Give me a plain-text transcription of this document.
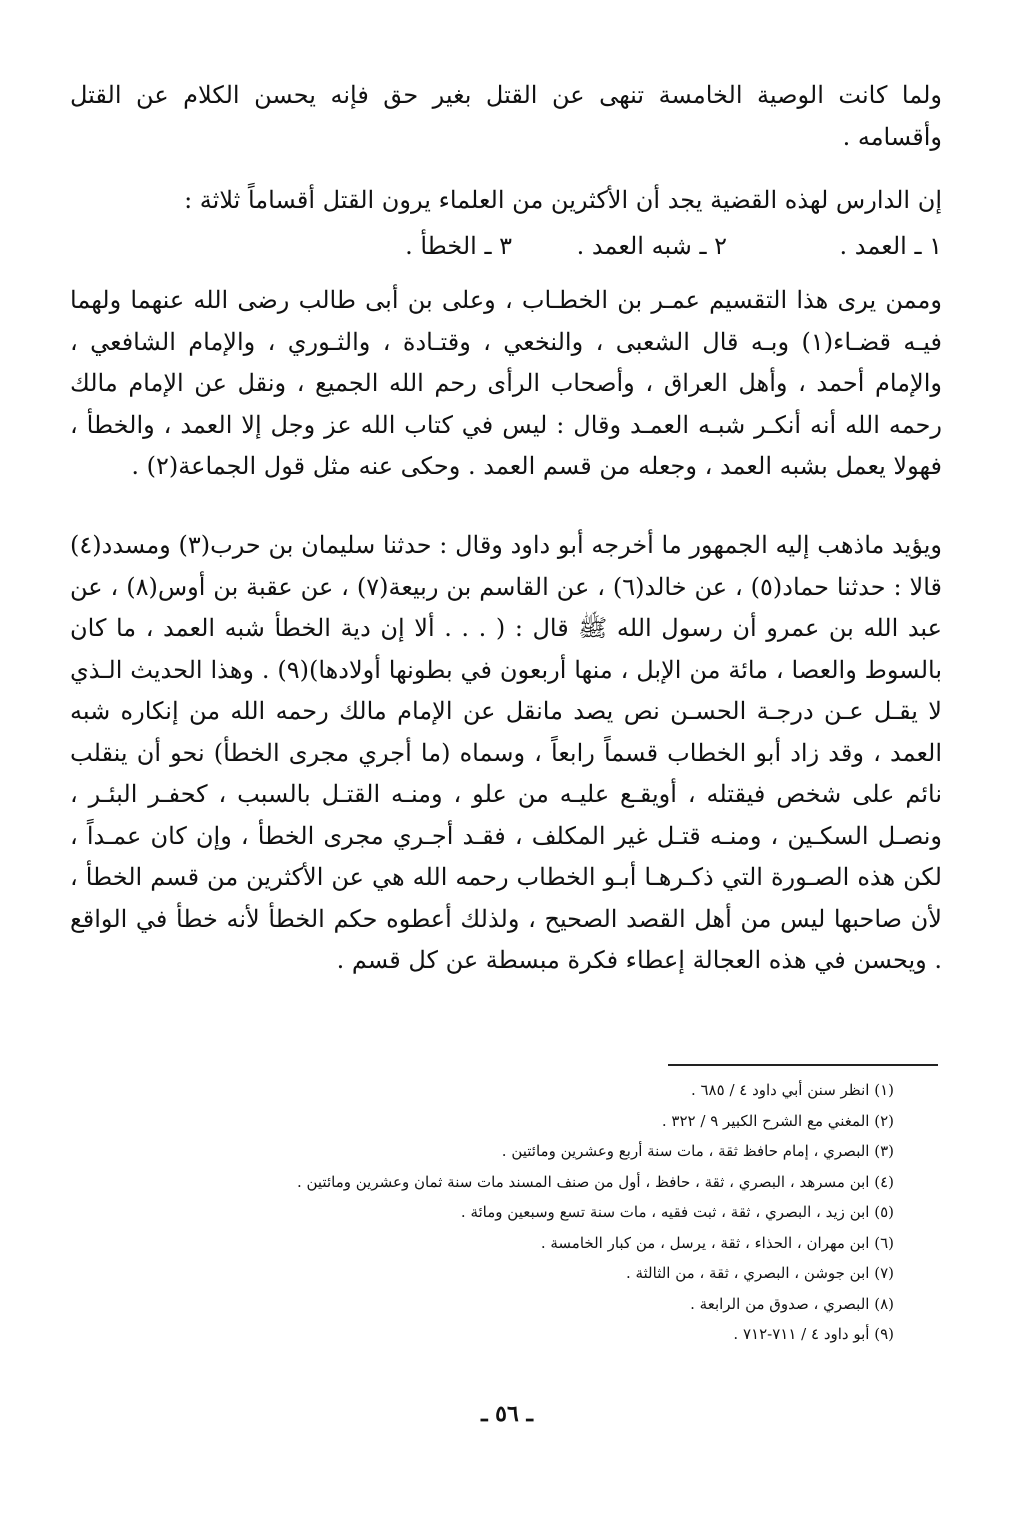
ولما كانت الوصية الخامسة تنهى عن القتل بغير حق فإنه يحسن الكلام عن القتل وأقسامه .

إن الدارس لهذه القضية يجد أن الأكثرين من العلماء يرون القتل أقساماً ثلاثة :

١ ـ العمد .
٢ ـ شبه العمد .
٣ ـ الخطأ .

وممن يرى هذا التقسيم عمـر بن الخطـاب ، وعلى بن أبى طالب رضى الله عنهما ولهما فيـه قضـاء(١) وبـه قال الشعبى ، والنخعي ، وقتـادة ، والثـوري ، والإمام الشافعي ، والإمام أحمد ، وأهل العراق ، وأصحاب الرأى رحم الله الجميع ، ونقل عن الإمام مالك رحمه الله أنه أنكـر شبـه العمـد وقال : ليس في كتاب الله عز وجل إلا العمد ، والخطأ ، فهولا يعمل بشبه العمد ، وجعله من قسم العمد . وحكى عنه مثل قول الجماعة(٢) .

ويؤيد ماذهب إليه الجمهور ما أخرجه أبو داود وقال : حدثنا سليمان بن حرب(٣) ومسدد(٤) قالا : حدثنا حماد(٥) ، عن خالد(٦) ، عن القاسم بن ربيعة(٧) ، عن عقبة بن أوس(٨) ، عن عبد الله بن عمرو أن رسول الله ﷺ قال : ( . . . ألا إن دية الخطأ شبه العمد ، ما كان بالسوط والعصا ، مائة من الإبل ، منها أربعون في بطونها أولادها)(٩) . وهذا الحديث الـذي لا يقـل عـن درجـة الحسـن نص يصد مانقل عن الإمام مالك رحمه الله من إنكاره شبه العمد ، وقد زاد أبو الخطاب قسماً رابعاً ، وسماه (ما أجري مجرى الخطأ) نحو أن ينقلب نائم على شخص فيقتله ، أويقـع عليـه من علو ، ومنـه القتـل بالسبب ، كحفـر البئـر ، ونصـل السكـين ، ومنـه قتـل غير المكلف ، فقـد أجـري مجرى الخطأ ، وإن كان عمـداً ، لكن هذه الصـورة التي ذكـرهـا أبـو الخطاب رحمه الله هي عن الأكثرين من قسم الخطأ ، لأن صاحبها ليس من أهل القصد الصحيح ، ولذلك أعطوه حكم الخطأ لأنه خطأ في الواقع . ويحسن في هذه العجالة إعطاء فكرة مبسطة عن كل قسم .

(١) انظر سنن أبي داود ٤ / ٦٨٥ .
(٢) المغني مع الشرح الكبير ٩ / ٣٢٢ .
(٣) البصري ، إمام حافظ ثقة ، مات سنة أربع وعشرين ومائتين .
(٤) ابن مسرهد ، البصري ، ثقة ، حافظ ، أول من صنف المسند مات سنة ثمان وعشرين ومائتين .
(٥) ابن زيد ، البصري ، ثقة ، ثبت فقيه ، مات سنة تسع وسبعين ومائة .
(٦) ابن مهران ، الحذاء ، ثقة ، يرسل ، من كبار الخامسة .
(٧) ابن جوشن ، البصري ، ثقة ، من الثالثة .
(٨) البصري ، صدوق من الرابعة .
(٩) أبو داود ٤ / ٧١١-٧١٢ .
ـ ٥٦ ـ
